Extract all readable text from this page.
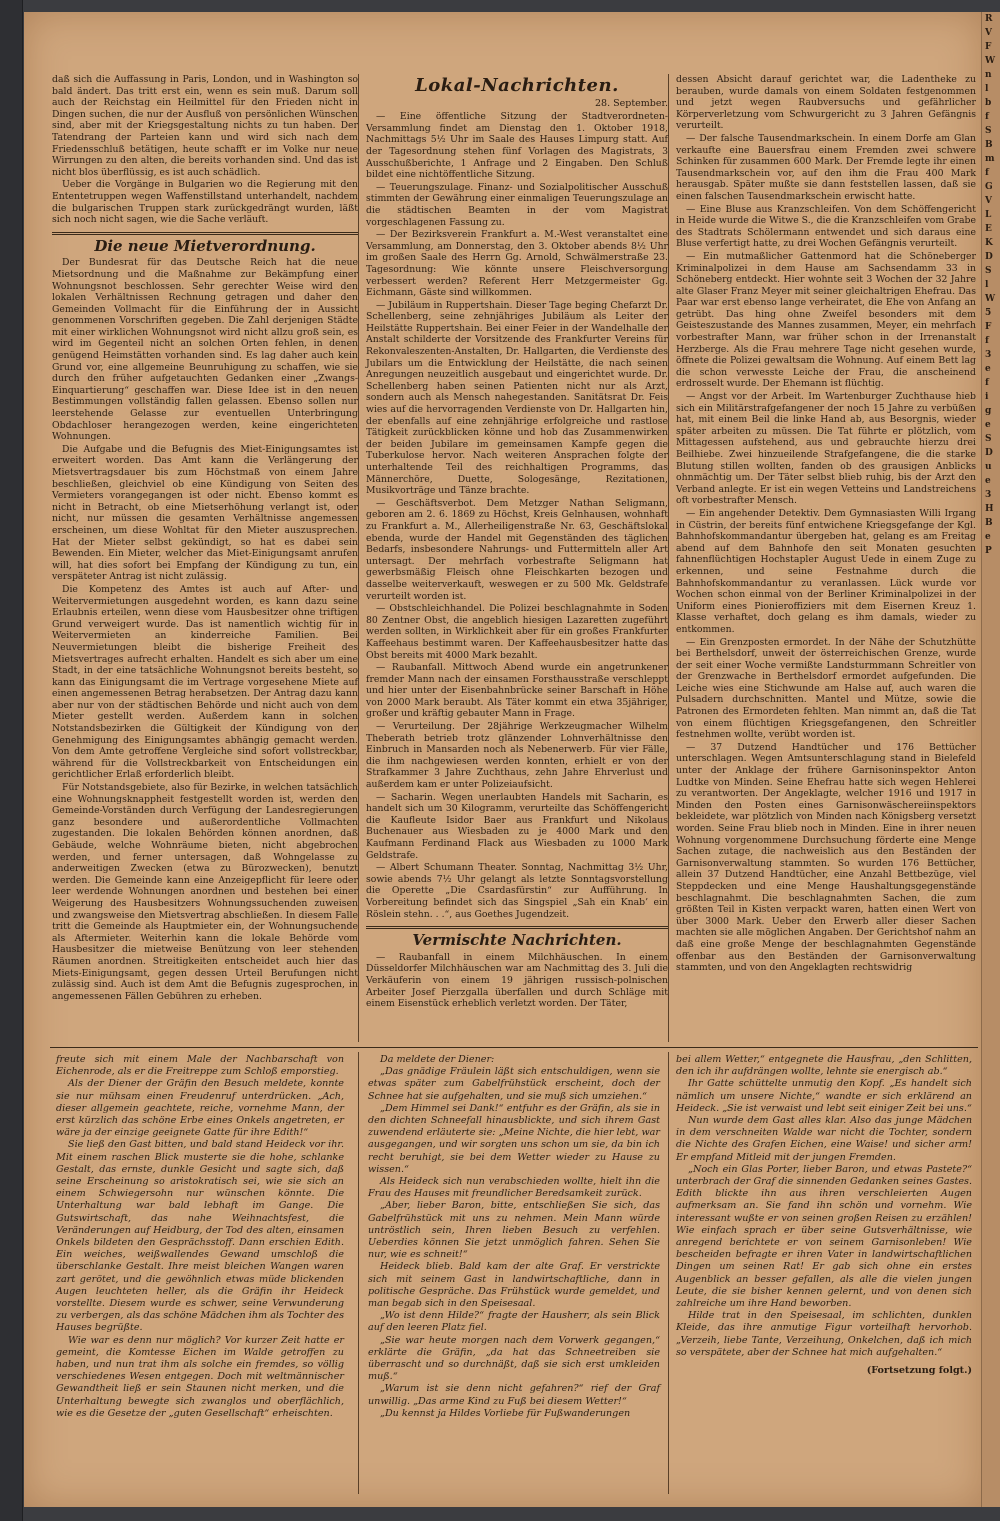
daß sich die Auffassung in Paris, London, und in Washington so bald ändert. Das tritt erst ein, wenn es sein muß. Darum soll auch der Reichstag ein Heilmittel für den Frieden nicht in Dingen suchen, die nur der Ausfluß von persönlichen Wünschen sind, aber mit der Kriegsgestaltung nichts zu tun haben. Der Tatendrang der Parteien kann und wird sich nach dem Friedensschluß betätigen, heute schafft er im Volke nur neue Wirrungen zu den alten, die bereits vorhanden sind. Und das ist nicht blos überflüssig, es ist auch schädlich.

Ueber die Vorgänge in Bulgarien wo die Regierung mit den Ententetruppen wegen Waffenstillstand unterhandelt, nachdem die bulgarischen Truppen stark zurückgedrängt wurden, läßt sich noch nicht sagen, wie die Sache verläuft.

Die neue Mietverordnung.

Der Bundesrat für das Deutsche Reich hat die neue Mietsordnung und die Maßnahme zur Bekämpfung einer Wohnungsnot beschlossen. Sehr gerechter Weise wird den lokalen Verhältnissen Rechnung getragen und daher den Gemeinden Vollmacht für die Einführung der in Aussicht genommenen Vorschriften gegeben. Die Zahl derjenigen Städte mit einer wirklichen Wohnungsnot wird nicht allzu groß sein, es wird im Gegenteil nicht an solchen Orten fehlen, in denen genügend Heimstätten vorhanden sind. Es lag daher auch kein Grund vor, eine allgemeine Beunruhigung zu schaffen, wie sie durch den früher aufgetauchten Gedanken einer „Zwangs-Einquartierung“ geschaffen war. Diese Idee ist in den neuen Bestimmungen vollständig fallen gelassen. Ebenso sollen nur leerstehende Gelasse zur eventuellen Unterbringung Obdachloser herangezogen werden, keine eingerichteten Wohnungen.

Die Aufgabe und die Befugnis des Miet-Einigungsamtes ist erweitert worden. Das Amt kann die Verlängerung der Mietsvertragsdauer bis zum Höchstmaß von einem Jahre beschließen, gleichviel ob eine Kündigung von Seiten des Vermieters vorangegangen ist oder nicht. Ebenso kommt es nicht in Betracht, ob eine Mietserhöhung verlangt ist, oder nicht, nur müssen die gesamten Verhältnisse angemessen erscheinen, um diese Wohltat für den Mieter auszusprechen. Hat der Mieter selbst gekündigt, so hat es dabei sein Bewenden. Ein Mieter, welcher das Miet-Einigungsamt anrufen will, hat dies sofort bei Empfang der Kündigung zu tun, ein verspäteter Antrag ist nicht zulässig.

Die Kompetenz des Amtes ist auch auf After- und Weitervermietungen ausgedehnt worden, es kann dazu seine Erlaubnis erteilen, wenn diese vom Hausbesitzer ohne triftigen Grund verweigert wurde. Das ist namentlich wichtig für in Weitervermieten an kinderreiche Familien. Bei Neuvermietungen bleibt die bisherige Freiheit des Mietsvertrages aufrecht erhalten. Handelt es sich aber um eine Stadt, in der eine tatsächliche Wohnungsnot bereits besteht, so kann das Einigungsamt die im Vertrage vorgesehene Miete auf einen angemessenen Betrag herabsetzen. Der Antrag dazu kann aber nur von der städtischen Behörde und nicht auch von dem Mieter gestellt werden. Außerdem kann in solchen Notstandsbezirken die Gültigkeit der Kündigung von der Genehmigung des Einigungsamtes abhängig gemacht werden. Von dem Amte getroffene Vergleiche sind sofort vollstreckbar, während für die Vollstreckbarkeit von Entscheidungen ein gerichtlicher Erlaß erforderlich bleibt.

Für Notstandsgebiete, also für Bezirke, in welchen tatsächlich eine Wohnungsknappheit festgestellt worden ist, werden den Gemeinde-Vorständen durch Verfügung der Landesregierungen ganz besondere und außerordentliche Vollmachten zugestanden. Die lokalen Behörden können anordnen, daß Gebäude, welche Wohnräume bieten, nicht abgebrochen werden, und ferner untersagen, daß Wohngelasse zu anderweitigen Zwecken (etwa zu Bürozwecken), benutzt werden. Die Gemeinde kann eine Anzeigepflicht für leere oder leer werdende Wohnungen anordnen und bestehen bei einer Weigerung des Hausbesitzers Wohnungssuchenden zuweisen und zwangsweise den Mietsvertrag abschließen. In diesem Falle tritt die Gemeinde als Hauptmieter ein, der Wohnungsuchende als Aftermieter. Weiterhin kann die lokale Behörde vom Hausbesitzer die mietweise Benützung von leer stehenden Räumen anordnen. Streitigkeiten entscheidet auch hier das Miets-Einigungsamt, gegen dessen Urteil Berufungen nicht zulässig sind. Auch ist dem Amt die Befugnis zugesprochen, in angemessenen Fällen Gebühren zu erheben.

Lokal-Nachrichten.
28. September.

— Eine öffentliche Sitzung der Stadtverordneten-Versammlung findet am Dienstag den 1. Oktober 1918, Nachmittags 5½ Uhr im Saale des Hauses Limpurg statt. Auf der Tagesordnung stehen fünf Vorlagen des Magistrats, 3 Ausschußberichte, 1 Anfrage und 2 Eingaben. Den Schluß bildet eine nichtöffentliche Sitzung.

— Teuerungszulage. Finanz- und Sozialpolitischer Ausschuß stimmten der Gewährung einer einmaligen Teuerungszulage an die städtischen Beamten in der vom Magistrat vorgeschlagenen Fassung zu.

— Der Bezirksverein Frankfurt a. M.-West veranstaltet eine Versammlung, am Donnerstag, den 3. Oktober abends 8½ Uhr im großen Saale des Herrn Gg. Arnold, Schwälmerstraße 23. Tagesordnung: Wie könnte unsere Fleischversorgung verbessert werden? Referent Herr Metzgermeister Gg. Eichmann, Gäste sind willkommen.

— Jubiläum in Ruppertshain. Dieser Tage beging Chefarzt Dr. Schellenberg, seine zehnjähriges Jubiläum als Leiter der Heilstätte Ruppertshain. Bei einer Feier in der Wandelhalle der Anstalt schilderte der Vorsitzende des Frankfurter Vereins für Rekonvaleszenten-Anstalten, Dr. Hallgarten, die Verdienste des Jubilars um die Entwicklung der Heilstätte, die nach seinen Anregungen neuzeitlich ausgebaut und eingerichtet wurde. Dr. Schellenberg haben seinen Patienten nicht nur als Arzt, sondern auch als Mensch nahegestanden. Sanitätsrat Dr. Feis wies auf die hervorragenden Verdienste von Dr. Hallgarten hin, der ebenfalls auf eine zehnjährige erfolgreiche und rastlose Tätigkeit zurückblicken könne und hob das Zusammenwirken der beiden Jubilare im gemeinsamen Kampfe gegen die Tuberkulose hervor. Nach weiteren Ansprachen folgte der unterhaltende Teil des reichhaltigen Programms, das Männerchöre, Duette, Sologesänge, Rezitationen, Musikvorträge und Tänze brachte.

— Geschäftsverbot. Dem Metzger Nathan Seligmann, geboren am 2. 6. 1869 zu Höchst, Kreis Gelnhausen, wohnhaft zu Frankfurt a. M., Allerheiligenstraße Nr. 63, Geschäftslokal ebenda, wurde der Handel mit Gegenständen des täglichen Bedarfs, insbesondere Nahrungs- und Futtermitteln aller Art untersagt. Der mehrfach vorbestrafte Seligmann hat gewerbsmäßig Fleisch ohne Fleischkarten bezogen und dasselbe weiterverkauft, weswegen er zu 500 Mk. Geldstrafe verurteilt worden ist.

— Obstschleichhandel. Die Polizei beschlagnahmte in Soden 80 Zentner Obst, die angeblich hiesigen Lazaretten zugeführt werden sollten, in Wirklichkeit aber für ein großes Frankfurter Kaffeehaus bestimmt waren. Der Kaffeehausbesitzer hatte das Obst bereits mit 4000 Mark bezahlt.

— Raubanfall. Mittwoch Abend wurde ein angetrunkener fremder Mann nach der einsamen Forsthausstraße verschleppt und hier unter der Eisenbahnbrücke seiner Barschaft in Höhe von 2000 Mark beraubt. Als Täter kommt ein etwa 35jähriger, großer und kräftig gebauter Mann in Frage.

— Verurteilung. Der 28jährige Werkzeugmacher Wilhelm Theberath betrieb trotz glänzender Lohnverhältnisse den Einbruch in Mansarden noch als Nebenerwerb. Für vier Fälle, die ihm nachgewiesen werden konnten, erhielt er von der Strafkammer 3 Jahre Zuchthaus, zehn Jahre Ehrverlust und außerdem kam er unter Polizeiaufsicht.

— Sacharin. Wegen unerlaubten Handels mit Sacharin, es handelt sich um 30 Kilogramm, verurteilte das Schöffengericht die Kaufleute Isidor Baer aus Frankfurt und Nikolaus Buchenauer aus Wiesbaden zu je 4000 Mark und den Kaufmann Ferdinand Flack aus Wiesbaden zu 1000 Mark Geldstrafe.

— Albert Schumann Theater. Sonntag, Nachmittag 3½ Uhr, sowie abends 7½ Uhr gelangt als letzte Sonntagsvorstellung die Operette „Die Csardasfürstin“ zur Aufführung. In Vorbereitung befindet sich das Singspiel „Sah ein Knab’ ein Röslein stehn. . .“, aus Goethes Jugendzeit.

Vermischte Nachrichten.

— Raubanfall in einem Milchhäuschen. In einem Düsseldorfer Milchhäuschen war am Nachmittag des 3. Juli die Verkäuferin von einem 19 jährigen russisch-polnischen Arbeiter Josef Pierzgalla überfallen und durch Schläge mit einem Eisenstück erheblich verletzt worden. Der Täter,

dessen Absicht darauf gerichtet war, die Ladentheke zu berauben, wurde damals von einem Soldaten festgenommen und jetzt wegen Raubversuchs und gefährlicher Körperverletzung vom Schwurgericht zu 3 Jahren Gefängnis verurteilt.

— Der falsche Tausendmarkschein. In einem Dorfe am Glan verkaufte eine Bauersfrau einem Fremden zwei schwere Schinken für zusammen 600 Mark. Der Fremde legte ihr einen Tausendmarkschein vor, auf den ihm die Frau 400 Mark herausgab. Später mußte sie dann feststellen lassen, daß sie einen falschen Tausendmarkschein erwischt hatte.

— Eine Bluse aus Kranzschleifen. Von dem Schöffengericht in Heide wurde die Witwe S., die die Kranzschleifen vom Grabe des Stadtrats Schölermann entwendet und sich daraus eine Bluse verfertigt hatte, zu drei Wochen Gefängnis verurteilt.

— Ein mutmaßlicher Gattenmord hat die Schöneberger Kriminalpolizei in dem Hause am Sachsendamm 33 in Schöneberg entdeckt. Hier wohnte seit 3 Wochen der 32 Jahre alte Glaser Franz Meyer mit seiner gleichaltrigen Ehefrau. Das Paar war erst ebenso lange verheiratet, die Ehe von Anfang an getrübt. Das hing ohne Zweifel besonders mit dem Geisteszustande des Mannes zusammen, Meyer, ein mehrfach vorbestrafter Mann, war früher schon in der Irrenanstalt Herzberge. Als die Frau mehrere Tage nicht gesehen wurde, öffnete die Polizei gewaltsam die Wohnung. Auf einem Bett lag die schon verwesste Leiche der Frau, die anscheinend erdrosselt wurde. Der Ehemann ist flüchtig.

— Angst vor der Arbeit. Im Wartenburger Zuchthause hieb sich ein Militärstrafgefangener der noch 15 Jahre zu verbüßen hat, mit einem Beil die linke Hand ab, aus Besorgnis, wieder später arbeiten zu müssen. Die Tat führte er plötzlich, vom Mittagessen aufstehend, aus und gebrauchte hierzu drei Beilhiebe. Zwei hinzueilende Strafgefangene, die die starke Blutung stillen wollten, fanden ob des grausigen Anblicks ohnmächtig um. Der Täter selbst blieb ruhig, bis der Arzt den Verband anlegte. Er ist ein wegen Vetteins und Landstreichens oft vorbestrafter Mensch.

— Ein angehender Detektiv. Dem Gymnasiasten Willi Irgang in Cüstrin, der bereits fünf entwichene Kriegsgefange der Kgl. Bahnhofskommandantur übergeben hat, gelang es am Freitag abend auf dem Bahnhofe den seit Monaten gesuchten fahnenflüchtigen Hochstapler August Uede in einem Zuge zu erkennen, und seine Festnahme durch die Bahnhofskommandantur zu veranlassen. Lück wurde vor Wochen schon einmal von der Berliner Kriminalpolizei in der Uniform eines Pionieroffiziers mit dem Eisernen Kreuz 1. Klasse verhaftet, doch gelang es ihm damals, wieder zu entkommen.

— Ein Grenzposten ermordet. In der Nähe der Schutzhütte bei Berthelsdorf, unweit der österreichischen Grenze, wurde der seit einer Woche vermißte Landsturmmann Schreitler von der Grenzwache in Berthelsdorf ermordet aufgefunden. Die Leiche wies eine Stichwunde am Halse auf, auch waren die Pulsadern durchschnitten. Mantel und Mütze, sowie die Patronen des Ermordeten fehlten. Man nimmt an, daß die Tat von einem flüchtigen Kriegsgefangenen, den Schreitler festnehmen wollte, verübt worden ist.

— 37 Dutzend Handtücher und 176 Bettücher unterschlagen. Wegen Amtsunterschlagung stand in Bielefeld unter der Anklage der frühere Garnisoninspektor Anton Ludtke von Minden. Seine Ehefrau hatte sich wegen Hehlerei zu verantworten. Der Angeklagte, welcher 1916 und 1917 in Minden den Posten eines Garnisonwäschereiinspektors bekleidete, war plötzlich von Minden nach Königsberg versetzt worden. Seine Frau blieb noch in Minden. Eine in ihrer neuen Wohnung vorgenommene Durchsuchung förderte eine Menge Sachen zutage, die nachweislich aus den Beständen der Garnisonverwaltung stammten. So wurden 176 Bettücher, allein 37 Dutzend Handtücher, eine Anzahl Bettbezüge, viel Steppdecken und eine Menge Haushaltungsgegenstände beschlagnahmt. Die beschlagnahmten Sachen, die zum größten Teil in Kisten verpackt waren, hatten einen Wert von über 3000 Mark. Ueber den Erwerb aller dieser Sachen machten sie alle möglichen Angaben. Der Gerichtshof nahm an daß eine große Menge der beschlagnahmten Gegenstände offenbar aus den Beständen der Garnisonverwaltung stammten, und von den Angeklagten rechtswidrig

freute sich mit einem Male der Nachbarschaft von Eichenrode, als er die Freitreppe zum Schloß emporstieg.

Als der Diener der Gräfin den Besuch meldete, konnte sie nur mühsam einen Freudenruf unterdrücken. „Ach, dieser allgemein geachtete, reiche, vornehme Mann, der erst kürzlich das schöne Erbe eines Onkels angetreten, er wäre ja der einzige geeignete Gatte für ihre Edith!“

Sie ließ den Gast bitten, und bald stand Heideck vor ihr. Mit einem raschen Blick musterte sie die hohe, schlanke Gestalt, das ernste, dunkle Gesicht und sagte sich, daß seine Erscheinung so aristokratisch sei, wie sie sich an einem Schwiegersohn nur wünschen könnte. Die Unterhaltung war bald lebhaft im Gange. Die Gutswirtschaft, das nahe Weihnachtsfest, die Veränderungen auf Heidburg, der Tod des alten, einsamen Onkels bildeten den Gesprächsstoff. Dann erschien Edith. Ein weiches, weißwallendes Gewand umschloß die überschlanke Gestalt. Ihre meist bleichen Wangen waren zart gerötet, und die gewöhnlich etwas müde blickenden Augen leuchteten heller, als die Gräfin ihr Heideck vorstellte. Diesem wurde es schwer, seine Verwunderung zu verbergen, als das schöne Mädchen ihm als Tochter des Hauses begrüßte.

Wie war es denn nur möglich? Vor kurzer Zeit hatte er gemeint, die Komtesse Eichen im Walde getroffen zu haben, und nun trat ihm als solche ein fremdes, so völlig verschiedenes Wesen entgegen. Doch mit weltmännischer Gewandtheit ließ er sein Staunen nicht merken, und die Unterhaltung bewegte sich zwanglos und oberflächlich, wie es die Gesetze der „guten Gesellschaft“ erheischten.

Da meldete der Diener:

„Das gnädige Fräulein läßt sich entschuldigen, wenn sie etwas später zum Gabelfrühstück erscheint, doch der Schnee hat sie aufgehalten, und sie muß sich umziehen.“

„Dem Himmel sei Dank!“ entfuhr es der Gräfin, als sie in den dichten Schneefall hinausblickte, und sich ihrem Gast zuwendend erläuterte sie: „Meine Nichte, die hier lebt, war ausgegangen, und wir sorgten uns schon um sie, da bin ich recht beruhigt, sie bei dem Wetter wieder zu Hause zu wissen.“

Als Heideck sich nun verabschieden wollte, hielt ihn die Frau des Hauses mit freundlicher Beredsamkeit zurück.

„Aber, lieber Baron, bitte, entschließen Sie sich, das Gabelfrühstück mit uns zu nehmen. Mein Mann würde untröstlich sein, Ihren lieben Besuch zu verfehlen. Ueberdies können Sie jetzt unmöglich fahren. Sehen Sie nur, wie es schneit!“

Heideck blieb. Bald kam der alte Graf. Er verstrickte sich mit seinem Gast in landwirtschaftliche, dann in politische Gespräche. Das Frühstück wurde gemeldet, und man begab sich in den Speisesaal.

„Wo ist denn Hilde?“ fragte der Hausherr, als sein Blick auf den leeren Platz fiel.

„Sie war heute morgen nach dem Vorwerk gegangen,“ erklärte die Gräfin, „da hat das Schneetreiben sie überrascht und so durchnäßt, daß sie sich erst umkleiden muß.“

„Warum ist sie denn nicht gefahren?“ rief der Graf unwillig. „Das arme Kind zu Fuß bei diesem Wetter!“

„Du kennst ja Hildes Vorliebe für Fußwanderungen

bei allem Wetter,“ entgegnete die Hausfrau, „den Schlitten, den ich ihr aufdrängen wollte, lehnte sie energisch ab.“

Ihr Gatte schüttelte unmutig den Kopf. „Es handelt sich nämlich um unsere Nichte,“ wandte er sich erklärend an Heideck. „Sie ist verwaist und lebt seit einiger Zeit bei uns.“

Nun wurde dem Gast alles klar. Also das junge Mädchen in dem verschneiten Walde war nicht die Tochter, sondern die Nichte des Grafen Eichen, eine Waise! und sicher arm! Er empfand Mitleid mit der jungen Fremden.

„Noch ein Glas Porter, lieber Baron, und etwas Pastete?“ unterbrach der Graf die sinnenden Gedanken seines Gastes. Edith blickte ihn aus ihren verschleierten Augen aufmerksam an. Sie fand ihn schön und vornehm. Wie interessant wußte er von seinen großen Reisen zu erzählen! Wie einfach sprach er über seine Gutsverhältnisse, wie anregend berichtete er von seinem Garnisonleben! Wie bescheiden befragte er ihren Vater in landwirtschaftlichen Dingen um seinen Rat! Er gab sich ohne ein erstes Augenblick an besser gefallen, als alle die vielen jungen Leute, die sie bisher kennen gelernt, und von denen sich zahlreiche um ihre Hand beworben.

Hilde trat in den Speisesaal, im schlichten, dunklen Kleide, das ihre anmutige Figur vorteilhaft hervorhob. „Verzeih, liebe Tante, Verzeihung, Onkelchen, daß ich mich so verspätete, aber der Schnee hat mich aufgehalten.“

(Fortsetzung folgt.)
R
V
F
W
n
l
b
f
S
B
m
f
G
V
L
E
K
D
S
l
W
5
F
f
3
e
f
i
g
e
S
D
u
e
3
H
B
e
P
